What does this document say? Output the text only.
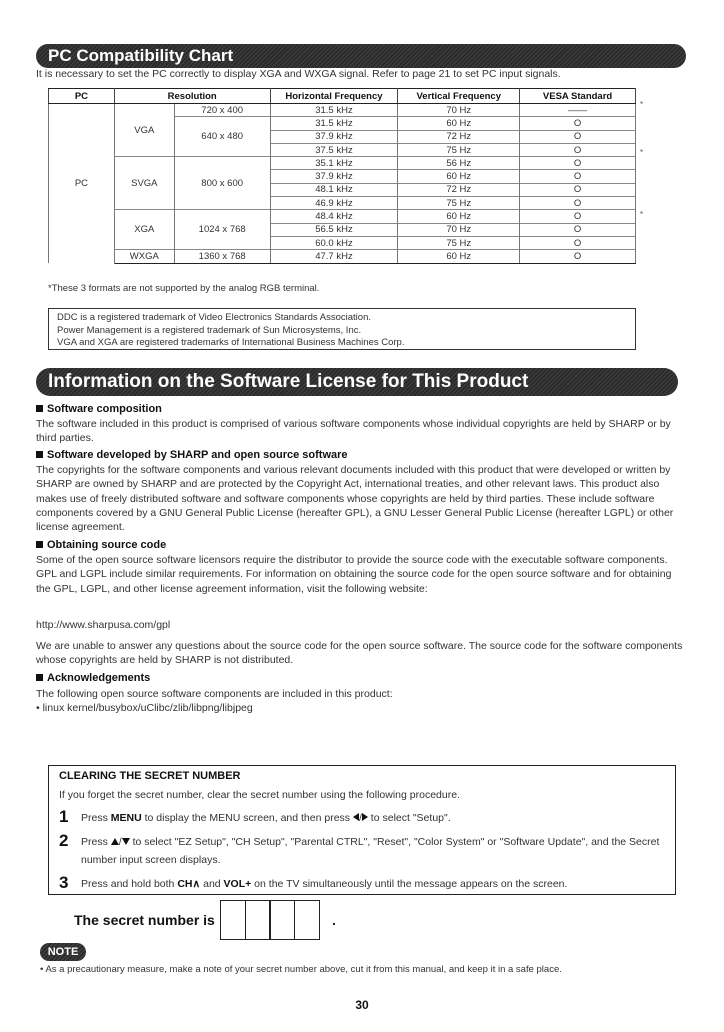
PC Compatibility Chart
It is necessary to set the PC correctly to display XGA and WXGA signal. Refer to page 21 to set PC input signals.
PC	Resolution		Horizontal Frequency	Vertical Frequency	VESA Standard
PC	VGA	720 x 400	31.5 kHz	70 Hz	——
		640 x 480	31.5 kHz	60 Hz	O
			37.9 kHz	72 Hz	O
			37.5 kHz	75 Hz	O
	SVGA	800 x 600	35.1 kHz	56 Hz	O
			37.9 kHz	60 Hz	O
			48.1 kHz	72 Hz	O
			46.9 kHz	75 Hz	O
	XGA	1024 x 768	48.4 kHz	60 Hz	O
			56.5 kHz	70 Hz	O
			60.0 kHz	75 Hz	O
	WXGA	1360 x 768	47.7 kHz	60 Hz	O
*
*
*
*These 3 formats are not supported by the analog RGB terminal.
DDC is a registered trademark of Video Electronics Standards Association.
Power Management is a registered trademark of Sun Microsystems, Inc.
VGA and XGA are registered trademarks of International Business Machines Corp.
Information on the Software License for This Product
Software composition
The software included in this product is comprised of various software components whose individual copyrights are held by SHARP or by third parties.
Software developed by SHARP and open source software
The copyrights for the software components and various relevant documents included with this product that were developed or written by SHARP are owned by SHARP and are protected by the Copyright Act, international treaties, and other relevant laws. This product also makes use of freely distributed software and software components whose copyrights are held by third parties. These include software components covered by a GNU General Public License (hereafter GPL), a GNU Lesser General Public License (hereafter LGPL) or other license agreement.
Obtaining source code
Some of the open source software licensors require the distributor to provide the source code with the executable software components. GPL and LGPL include similar requirements. For information on obtaining the source code for the open source software and for obtaining the GPL, LGPL, and other license agreement information, visit the following website:
http://www.sharpusa.com/gpl
We are unable to answer any questions about the source code for the open source software. The source code for the software components whose copyrights are held by SHARP is not distributed.
Acknowledgements
The following open source software components are included in this product:
• linux kernel/busybox/uClibc/zlib/libpng/libjpeg
CLEARING THE SECRET NUMBER
If you forget the secret number, clear the secret number using the following procedure.
1	Press MENU to display the MENU screen, and then press / to select "Setup".
2	Press / to select "EZ Setup", "CH Setup", "Parental CTRL", "Reset", "Color System" or "Software Update", and the Secret number input screen displays.
3	Press and hold both CH∧ and VOL+ on the TV simultaneously until the message appears on the screen.
The secret number is	.
NOTE
• As a precautionary measure, make a note of your secret number above, cut it from this manual, and keep it in a safe place.
30
